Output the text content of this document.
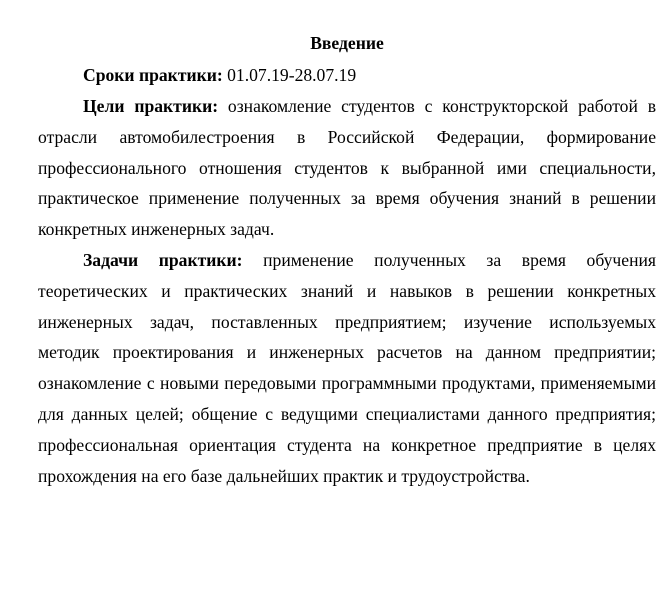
Введение
Сроки практики: 01.07.19-28.07.19
Цели практики: ознакомление студентов с конструкторской работой в отрасли автомобилестроения в Российской Федерации, формирование профессионального отношения студентов к выбранной ими специальности, практическое применение полученных за время обучения знаний в решении конкретных инженерных задач.
Задачи практики: применение полученных за время обучения теоретических и практических знаний и навыков в решении конкретных инженерных задач, поставленных предприятием; изучение используемых методик проектирования и инженерных расчетов на данном предприятии; ознакомление с новыми передовыми программными продуктами, применяемыми для данных целей; общение с ведущими специалистами данного предприятия; профессиональная ориентация студента на конкретное предприятие в целях прохождения на его базе дальнейших практик и трудоустройства.
